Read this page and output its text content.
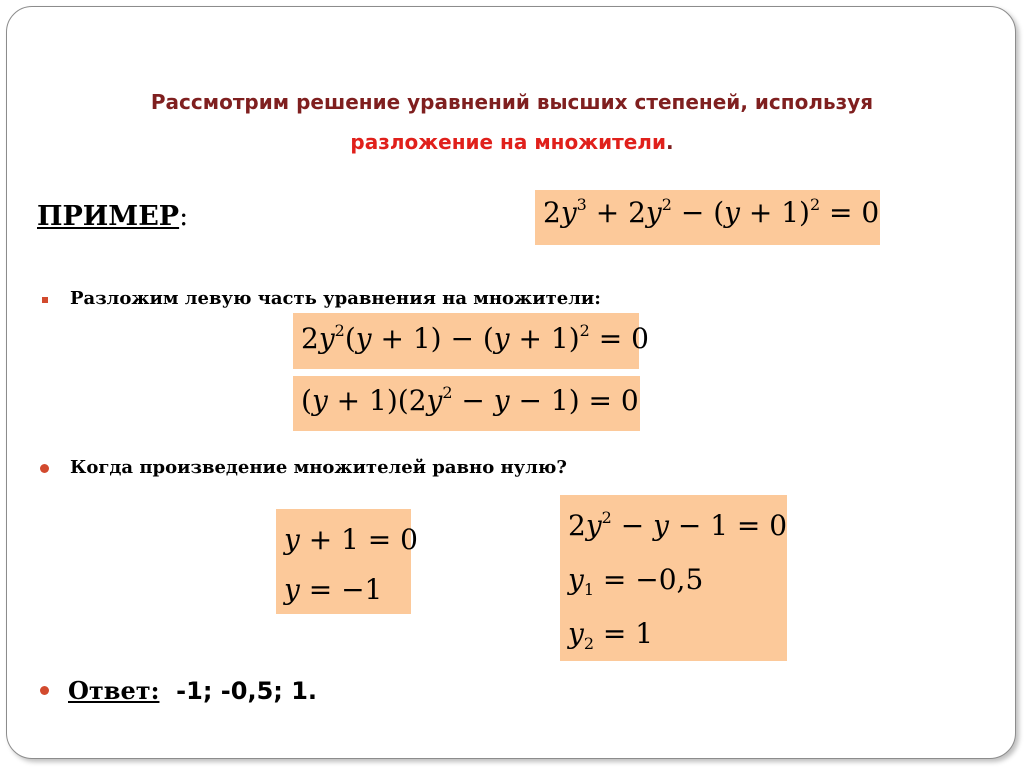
Рассмотрим решение уравнений высших степеней, используя
разложение на множители.
ПРИМЕР:	$2y^3 + 2y^2 - (y + 1)^2 = 0$
Разложим левую часть уравнения на множители:
$2y^2(y + 1) - (y + 1)^2 = 0$
$(y + 1)(2y^2 - y - 1) = 0$
Когда произведение множителей равно нулю?
y + 1 = 0
y = −1
$2y^2 - y - 1 = 0$
$y_1 = -0,5$
$y_2 = 1$
Ответ: -1; -0,5; 1.
